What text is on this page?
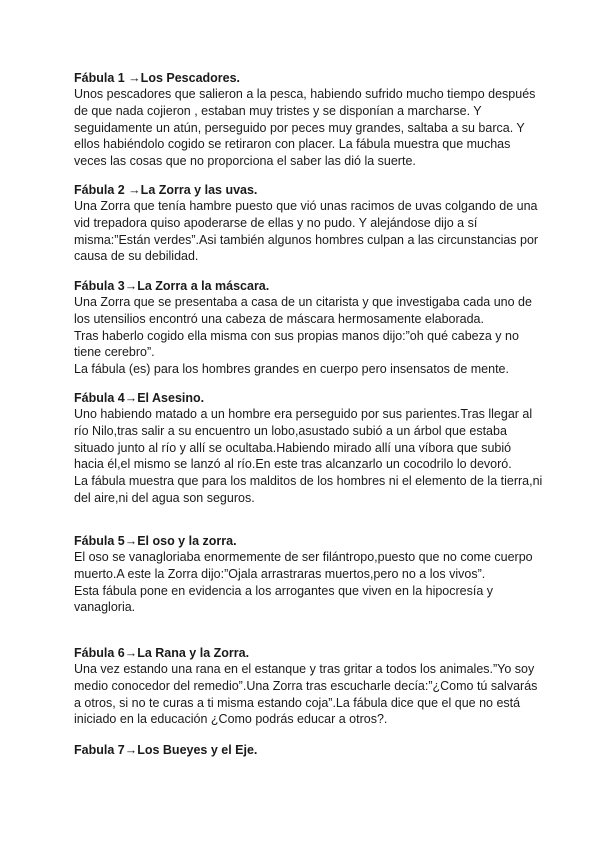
Fábula 1 →Los Pescadores.

Unos pescadores que salieron a la pesca, habiendo sufrido mucho tiempo después

de que nada cojieron , estaban muy tristes y se disponían a marcharse. Y

seguidamente un atún, perseguido por peces muy grandes, saltaba a su barca. Y

ellos habiéndolo cogido se retiraron con placer. La fábula muestra que muchas

veces las cosas que no proporciona el saber las dió la suerte.

Fábula 2 →La Zorra y las uvas.

Una Zorra que tenía hambre puesto que vió unas racimos de uvas colgando de una

vid trepadora quiso apoderarse de ellas y no pudo. Y alejándose dijo a sí

misma:”Están verdes”.Asi también algunos hombres culpan a las circunstancias por

causa de su debilidad.

Fábula 3→La Zorra a la máscara.

Una Zorra que se presentaba a casa de un citarista y que investigaba cada uno de

los utensilios encontró una cabeza de máscara hermosamente elaborada.

Tras haberlo cogido ella misma con sus propias manos dijo:”oh qué cabeza y no

tiene cerebro”.

La fábula (es) para los hombres grandes en cuerpo pero insensatos de mente.

Fábula 4→El Asesino.

Uno habiendo matado a un hombre era perseguido por sus parientes.Tras llegar al

río Nilo,tras salir a su encuentro un lobo,asustado subió a un árbol que estaba

situado junto al río y allí se ocultaba.Habiendo mirado allí una víbora que subió

hacia él,el mismo se lanzó al río.En este tras alcanzarlo un cocodrilo lo devoró.

La fábula muestra que para los malditos de los hombres ni el elemento de la tierra,ni

del aire,ni del agua son seguros.

Fábula 5→El oso y la zorra.

El oso se vanagloriaba enormemente de ser filántropo,puesto que no come cuerpo

muerto.A este la Zorra dijo:”Ojala arrastraras muertos,pero no a los vivos”.

Esta fábula pone en evidencia a los arrogantes que viven en la hipocresía y

vanagloria.

Fábula 6→La Rana y la Zorra.

Una vez estando una rana en el estanque y tras gritar a todos los animales.”Yo soy

medio conocedor del remedio”.Una Zorra tras escucharle decía:”¿Como tú salvarás

a otros, si no te curas a ti misma estando coja”.La fábula dice que el que no está

iniciado en la educación ¿Como podrás educar a otros?.

Fabula 7→Los Bueyes y el Eje.
